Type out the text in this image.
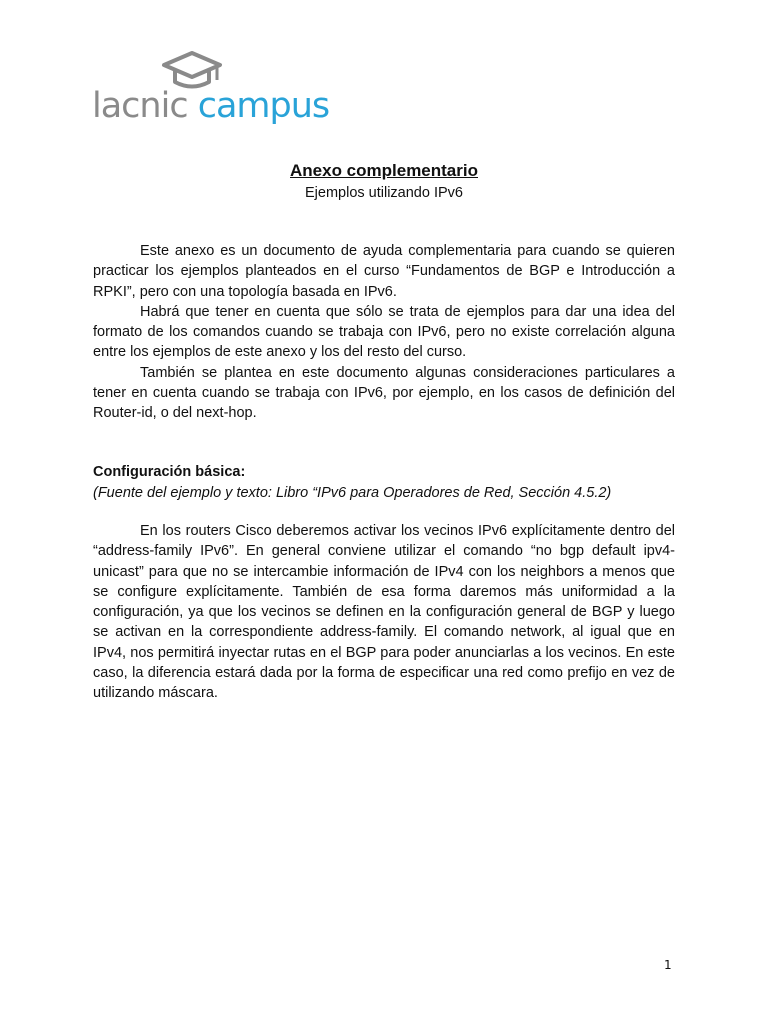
lacnic campus
Anexo complementario
Ejemplos utilizando IPv6

Este anexo es un documento de ayuda complementaria para cuando se quieren practicar los ejemplos planteados en el curso “Fundamentos de BGP e Introducción a RPKI”, pero con una topología basada en IPv6.

Habrá que tener en cuenta que sólo se trata de ejemplos para dar una idea del formato de los comandos cuando se trabaja con IPv6, pero no existe correlación alguna entre los ejemplos de este anexo y los del resto del curso.

También se plantea en este documento algunas consideraciones particulares a tener en cuenta cuando se trabaja con IPv6, por ejemplo, en los casos de definición del Router-id, o del next-hop.

Configuración básica:
(Fuente del ejemplo y texto: Libro “IPv6 para Operadores de Red, Sección 4.5.2)

En los routers Cisco deberemos activar los vecinos IPv6 explícitamente dentro del “address-family IPv6”. En general conviene utilizar el comando “no bgp default ipv4-unicast” para que no se intercambie información de IPv4 con los neighbors a menos que se configure explícitamente. También de esa forma daremos más uniformidad a la configuración, ya que los vecinos se definen en la configuración general de BGP y luego se activan en la correspondiente address-family. El comando network, al igual que en IPv4, nos permitirá inyectar rutas en el BGP para poder anunciarlas a los vecinos. En este caso, la diferencia estará dada por la forma de especificar una red como prefijo en vez de utilizando máscara.

1
